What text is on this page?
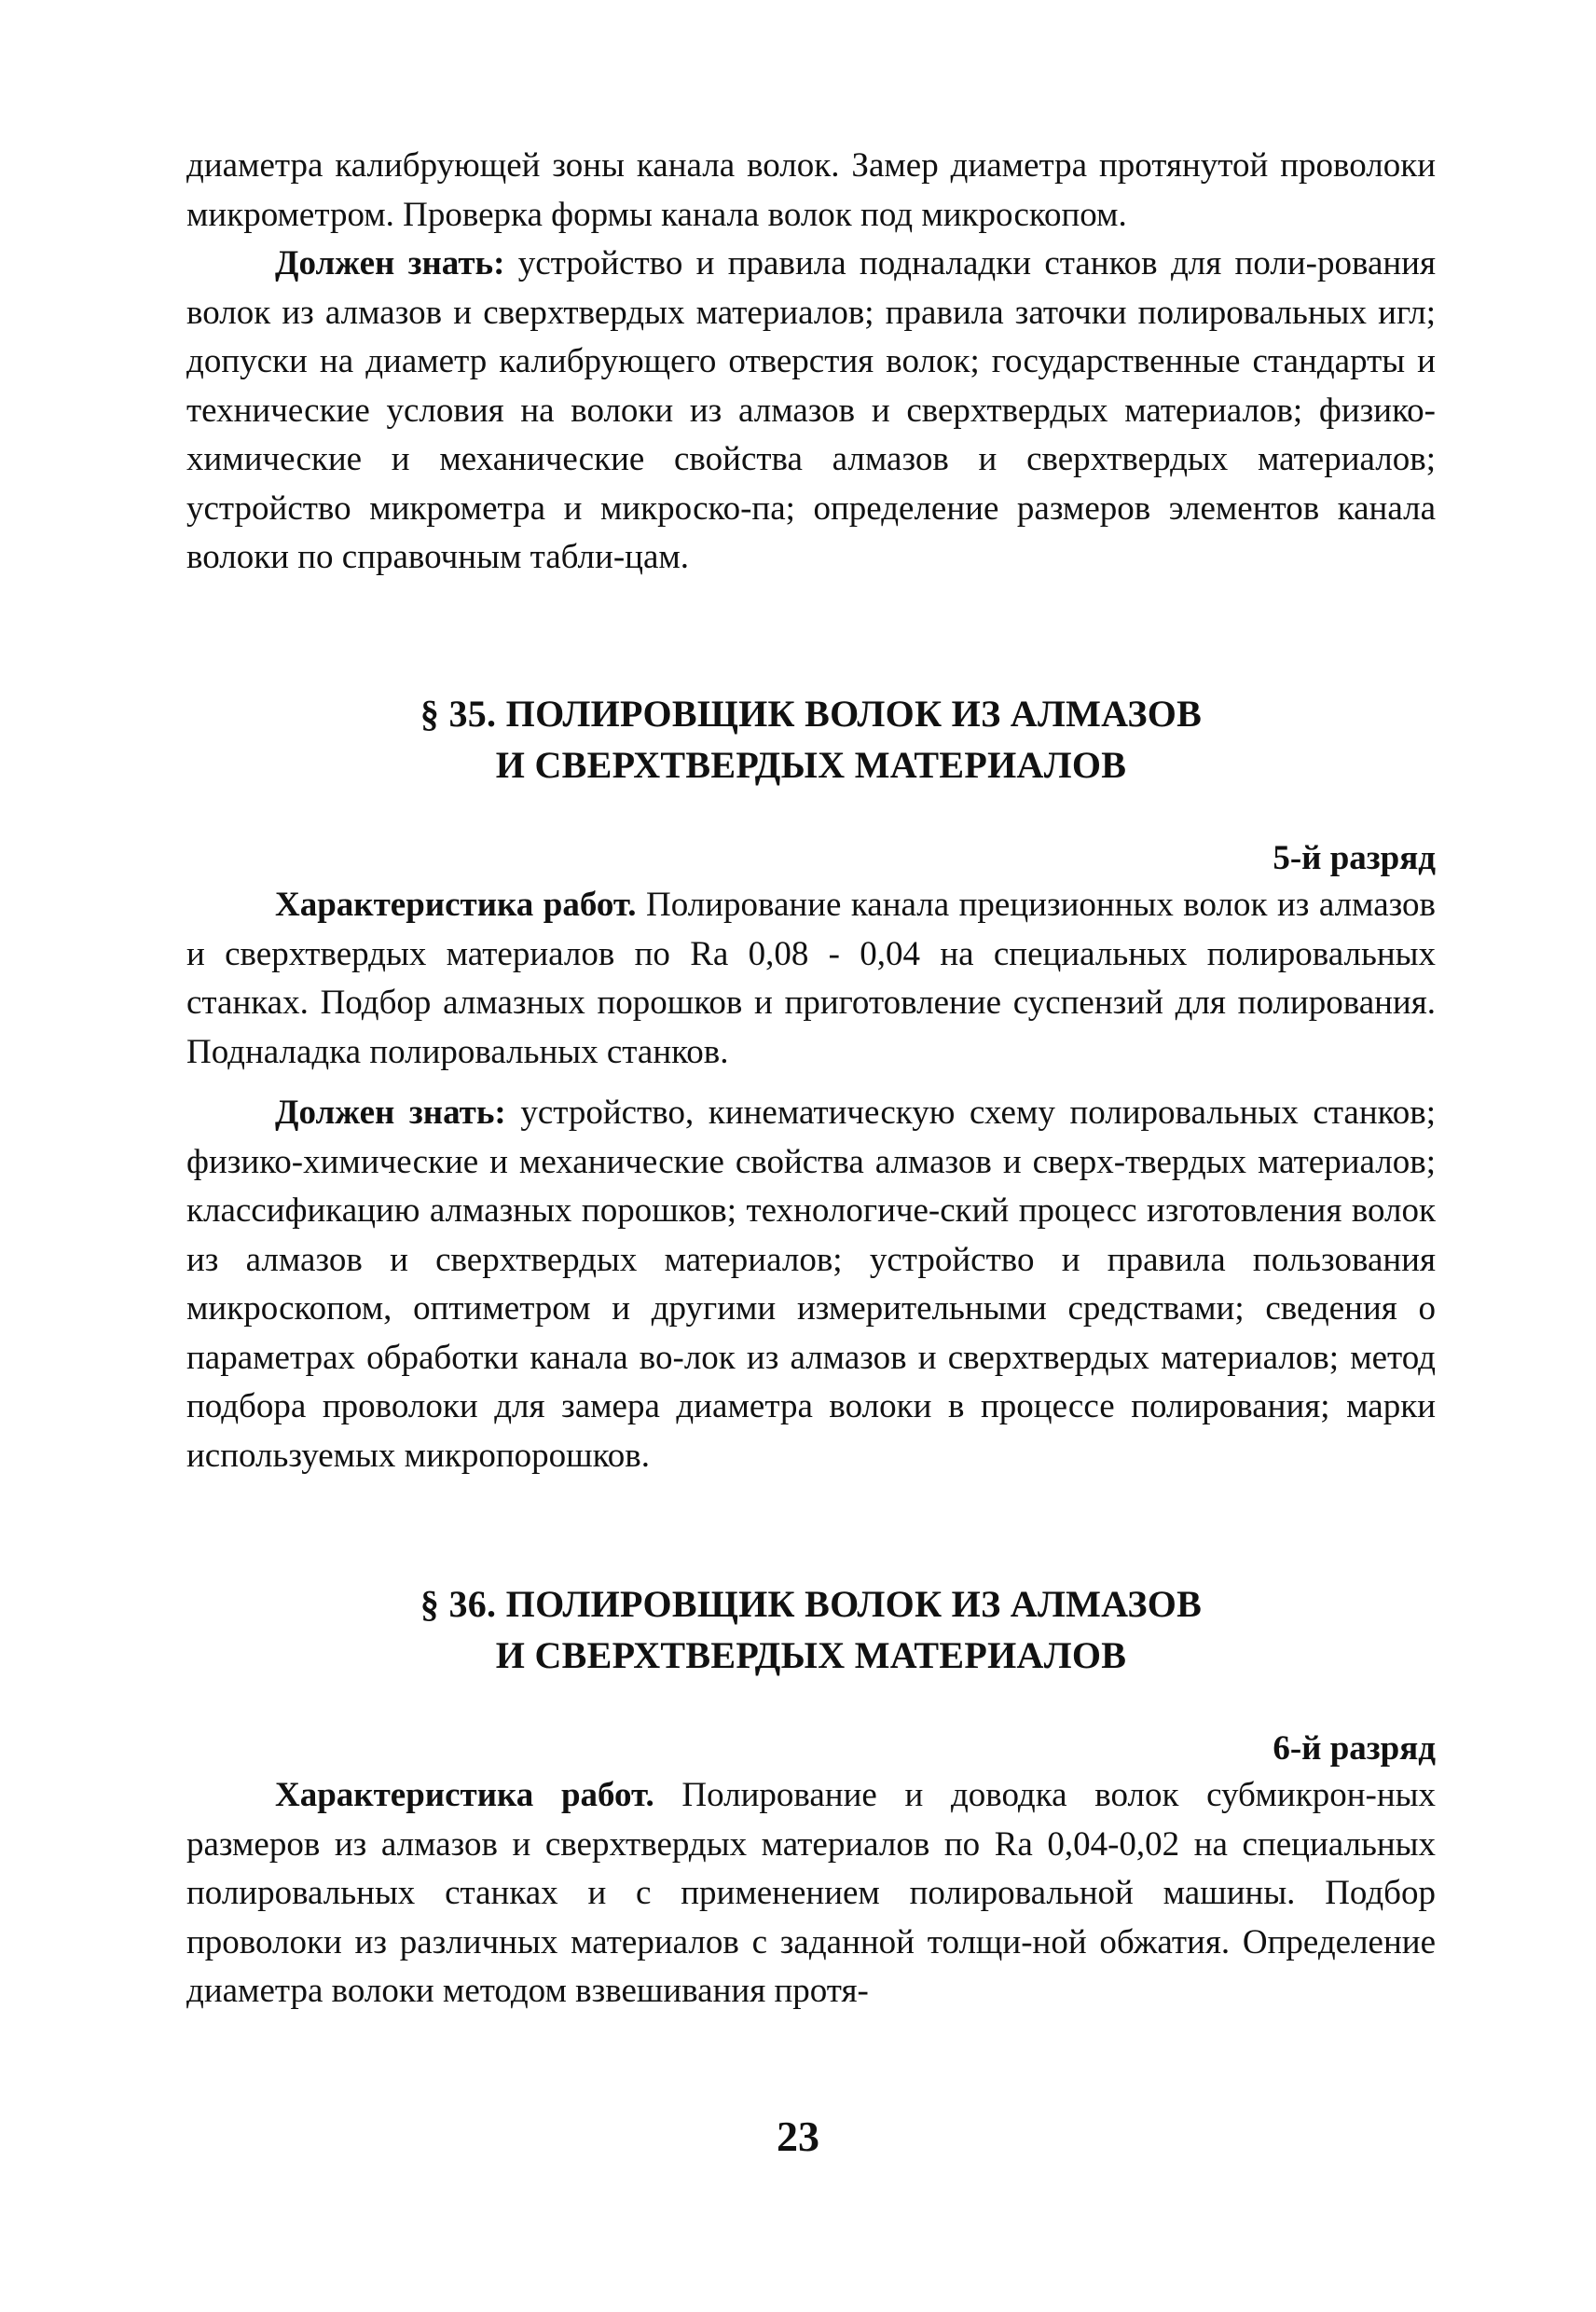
диаметра калибрующей зоны канала волок. Замер диаметра протянутой проволоки микрометром. Проверка формы канала волок под микроскопом.

Должен знать: устройство и правила подналадки станков для поли-рования волок из алмазов и сверхтвердых материалов; правила заточки полировальных игл; допуски на диаметр калибрующего отверстия волок; государственные стандарты и технические условия на волоки из алмазов и сверхтвердых материалов; физико-химические и механические свойства алмазов и сверхтвердых материалов; устройство микрометра и микроско-па; определение размеров элементов канала волоки по справочным табли-цам.

§ 35. ПОЛИРОВЩИК ВОЛОК ИЗ АЛМАЗОВ
И СВЕРХТВЕРДЫХ МАТЕРИАЛОВ
5-й разряд

Характеристика работ. Полирование канала прецизионных волок из алмазов и сверхтвердых материалов по Ra 0,08 - 0,04 на специальных полировальных станках. Подбор алмазных порошков и приготовление суспензий для полирования. Подналадка полировальных станков.

Должен знать: устройство, кинематическую схему полировальных станков; физико-химические и механические свойства алмазов и сверх-твердых материалов; классификацию алмазных порошков; технологиче-ский процесс изготовления волок из алмазов и сверхтвердых материалов; устройство и правила пользования микроскопом, оптиметром и другими измерительными средствами; сведения о параметрах обработки канала во-лок из алмазов и сверхтвердых материалов; метод подбора проволоки для замера диаметра волоки в процессе полирования; марки используемых микропорошков.

§ 36. ПОЛИРОВЩИК ВОЛОК ИЗ АЛМАЗОВ
И СВЕРХТВЕРДЫХ МАТЕРИАЛОВ
6-й разряд

Характеристика работ. Полирование и доводка волок субмикрон-ных размеров из алмазов и сверхтвердых материалов по Ra 0,04-0,02 на специальных полировальных станках и с применением полировальной машины. Подбор проволоки из различных материалов с заданной толщи-ной обжатия. Определение диаметра волоки методом взвешивания протя-

23
